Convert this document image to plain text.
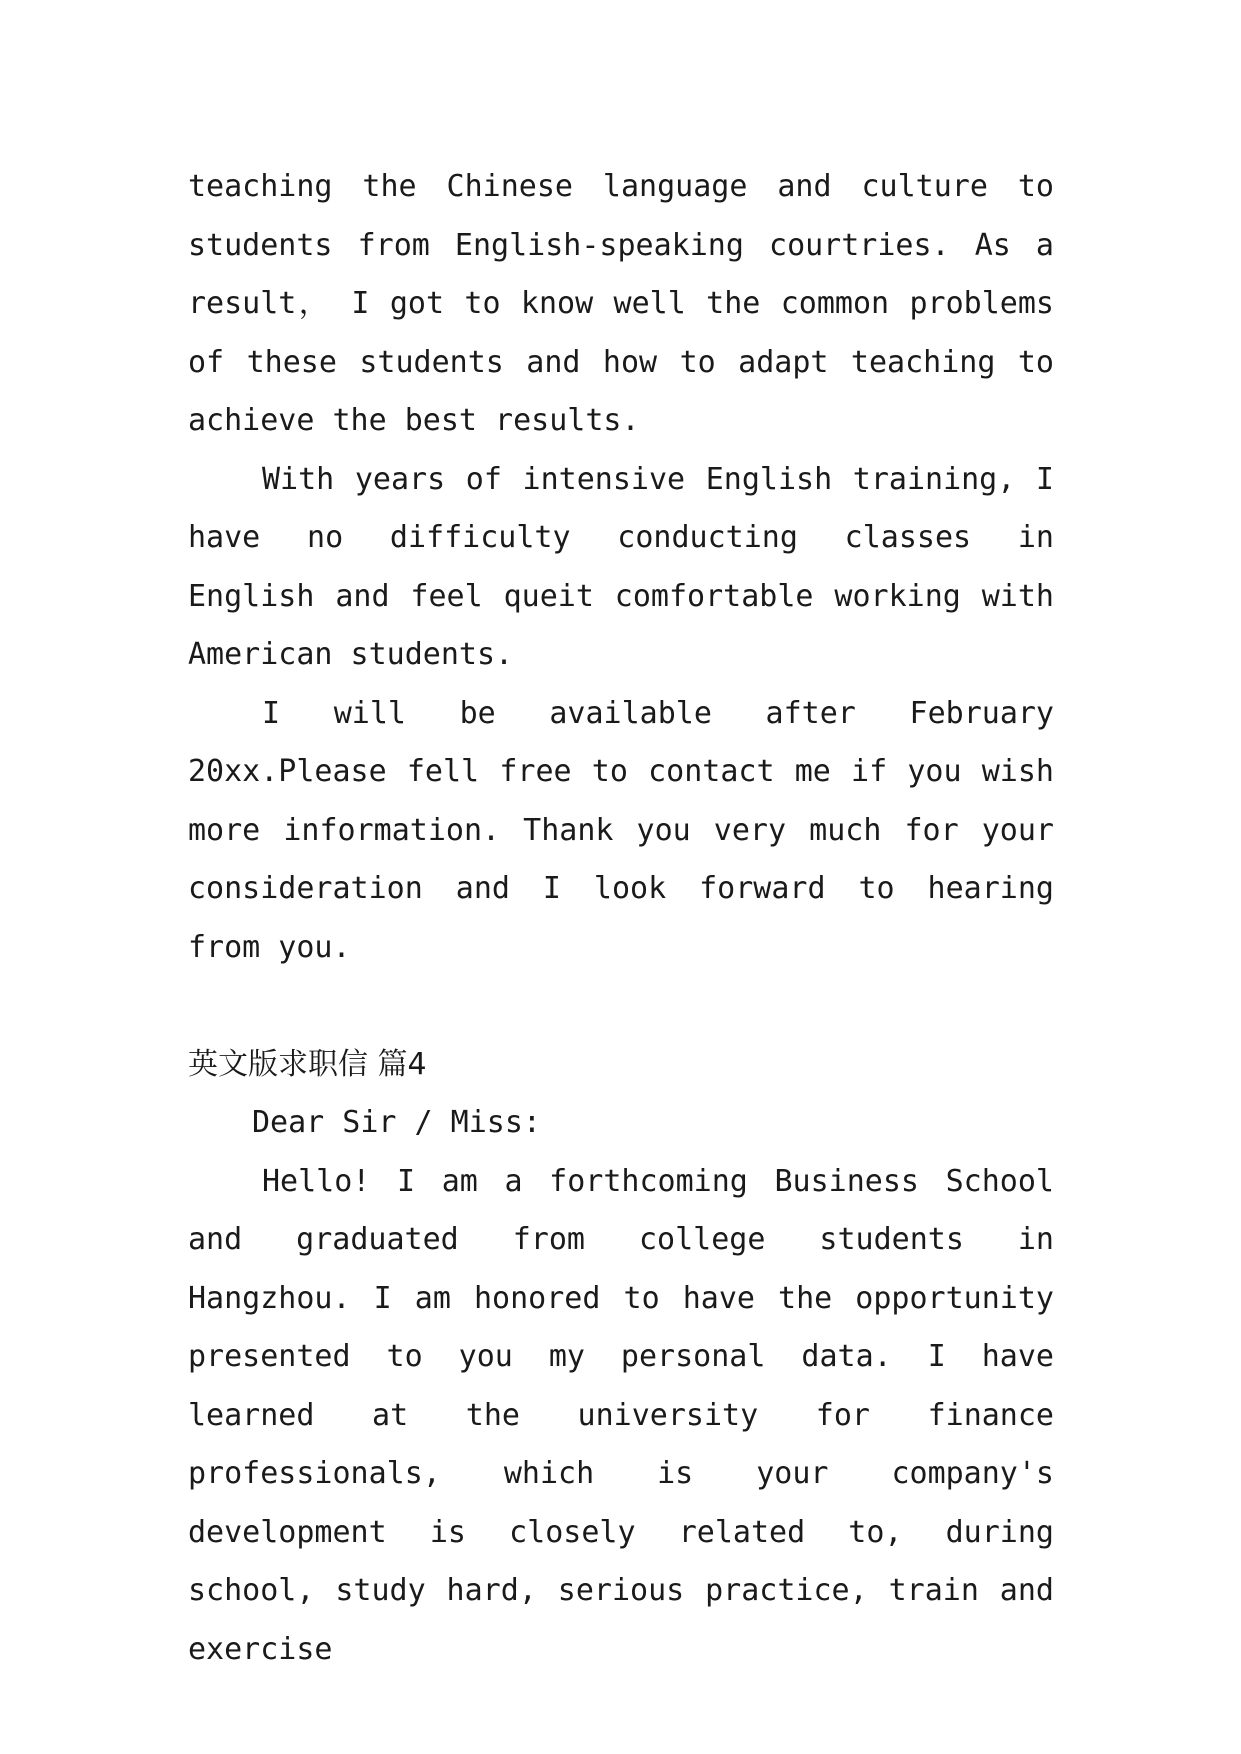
teaching the Chinese language and culture to students from English-speaking courtries. As a result， I got to know well the common problems of these students and how to adapt teaching to achieve the best results.

With years of intensive English training, I have no difficulty conducting classes in English and feel queit comfortable working with American students.

I will be available after February 20xx.Please fell free to contact me if you wish more information. Thank you very much for your consideration and I look forward to hearing from you.

英文版求职信 篇4

Dear Sir / Miss:

Hello! I am a forthcoming Business School and graduated from college students in Hangzhou. I am honored to have the opportunity presented to you my personal data. I have learned at the university for finance professionals, which is your company's development is closely related to, during school, study hard, serious practice, train and exercise
